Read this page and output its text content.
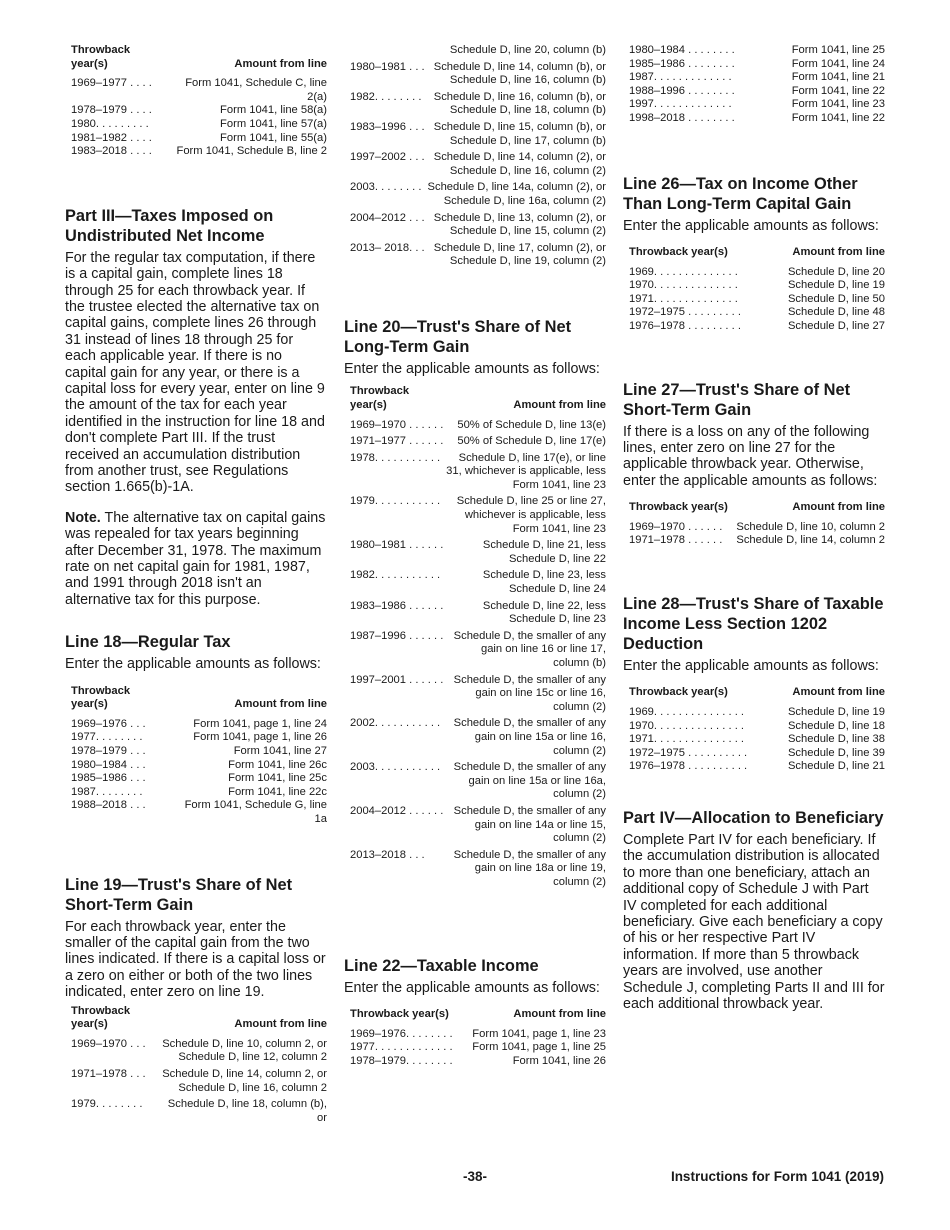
Throwback year(s)	Amount from line
1969–1977 . . . .	Form 1041, Schedule C, line 2(a)
1978–1979 . . . .	Form 1041, line 58(a)
1980. . . . . . . . .	Form 1041, line 57(a)
1981–1982 . . . .	Form 1041, line 55(a)
1983–2018 . . . .	Form 1041, Schedule B, line 2
Part III—Taxes Imposed on Undistributed Net Income

For the regular tax computation, if there is a capital gain, complete lines 18 through 25 for each throwback year. If the trustee elected the alternative tax on capital gains, complete lines 26 through 31 instead of lines 18 through 25 for each applicable year. If there is no capital gain for any year, or there is a capital loss for every year, enter on line 9 the amount of the tax for each year identified in the instruction for line 18 and don't complete Part III. If the trust received an accumulation distribution from another trust, see Regulations section 1.665(b)-1A.

Note. The alternative tax on capital gains was repealed for tax years beginning after December 31, 1978. The maximum rate on net capital gain for 1981, 1987, and 1991 through 2018 isn't an alternative tax for this purpose.

Line 18—Regular Tax

Enter the applicable amounts as follows:

Throwback year(s)	Amount from line
1969–1976 . . .	Form 1041, page 1, line 24
1977. . . . . . . .	Form 1041, page 1, line 26
1978–1979 . . .	Form 1041, line 27
1980–1984 . . .	Form 1041, line 26c
1985–1986 . . .	Form 1041, line 25c
1987. . . . . . . .	Form 1041, line 22c
1988–2018 . . .	Form 1041, Schedule G, line 1a
Line 19—Trust's Share of Net Short-Term Gain

For each throwback year, enter the smaller of the capital gain from the two lines indicated. If there is a capital loss or a zero on either or both of the two lines indicated, enter zero on line 19.

Throwback year(s)	Amount from line
1969–1970 . . .	Schedule D, line 10, column 2, or Schedule D, line 12, column 2
1971–1978 . . .	Schedule D, line 14, column 2, or Schedule D, line 16, column 2
1979. . . . . . . .	Schedule D, line 18, column (b), or
	Schedule D, line 20, column (b)
1980–1981 . . .	Schedule D, line 14, column (b), or Schedule D, line 16, column (b)
1982. . . . . . . .	Schedule D, line 16, column (b), or Schedule D, line 18, column (b)
1983–1996 . . .	Schedule D, line 15, column (b), or Schedule D, line 17, column (b)
1997–2002 . . .	Schedule D, line 14, column (2), or Schedule D, line 16, column (2)
2003. . . . . . . .	Schedule D, line 14a, column (2), or Schedule D, line 16a, column (2)
2004–2012 . . .	Schedule D, line 13, column (2), or Schedule D, line 15, column (2)
2013– 2018. . .	Schedule D, line 17, column (2), or Schedule D, line 19, column (2)
Line 20—Trust's Share of Net Long-Term Gain

Enter the applicable amounts as follows:

Throwback year(s)	Amount from line
1969–1970 . . . . . .	50% of Schedule D, line 13(e)
1971–1977 . . . . . .	50% of Schedule D, line 17(e)
1978. . . . . . . . . . .	Schedule D, line 17(e), or line 31, whichever is applicable, less Form 1041, line 23
1979. . . . . . . . . . .	Schedule D, line 25 or line 27, whichever is applicable, less Form 1041, line 23
1980–1981 . . . . . .	Schedule D, line 21, less Schedule D, line 22
1982. . . . . . . . . . .	Schedule D, line 23, less Schedule D, line 24
1983–1986 . . . . . .	Schedule D, line 22, less Schedule D, line 23
1987–1996 . . . . . .	Schedule D, the smaller of any gain on line 16 or line 17, column (b)
1997–2001 . . . . . .	Schedule D, the smaller of any gain on line 15c or line 16, column (2)
2002. . . . . . . . . . .	Schedule D, the smaller of any gain on line 15a or line 16, column (2)
2003. . . . . . . . . . .	Schedule D, the smaller of any gain on line 15a or line 16a, column (2)
2004–2012 . . . . . .	Schedule D, the smaller of any gain on line 14a or line 15, column (2)
2013–2018 . . .	Schedule D, the smaller of any gain on line 18a or line 19, column (2)
Line 22—Taxable Income

Enter the applicable amounts as follows:

Throwback year(s)	Amount from line
1969–1976. . . . . . . .	Form 1041, page 1, line 23
1977. . . . . . . . . . . . .	Form 1041, page 1, line 25
1978–1979. . . . . . . .	Form 1041, line 26
1980–1984 . . . . . . . .	Form 1041, line 25
1985–1986 . . . . . . . .	Form 1041, line 24
1987. . . . . . . . . . . . .	Form 1041, line 21
1988–1996 . . . . . . . .	Form 1041, line 22
1997. . . . . . . . . . . . .	Form 1041, line 23
1998–2018 . . . . . . . .	Form 1041, line 22
Line 26—Tax on Income Other Than Long-Term Capital Gain

Enter the applicable amounts as follows:

Throwback year(s)	Amount from line
1969. . . . . . . . . . . . . .	Schedule D, line 20
1970. . . . . . . . . . . . . .	Schedule D, line 19
1971. . . . . . . . . . . . . .	Schedule D, line 50
1972–1975 . . . . . . . . .	Schedule D, line 48
1976–1978 . . . . . . . . .	Schedule D, line 27
Line 27—Trust's Share of Net Short-Term Gain

If there is a loss on any of the following lines, enter zero on line 27 for the applicable throwback year. Otherwise, enter the applicable amounts as follows:

Throwback year(s)	Amount from line
1969–1970 . . . . . .	Schedule D, line 10, column 2
1971–1978 . . . . . .	Schedule D, line 14, column 2
Line 28—Trust's Share of Taxable Income Less Section 1202 Deduction

Enter the applicable amounts as follows:

Throwback year(s)	Amount from line
1969. . . . . . . . . . . . . . .	Schedule D, line 19
1970. . . . . . . . . . . . . . .	Schedule D, line 18
1971. . . . . . . . . . . . . . .	Schedule D, line 38
1972–1975 . . . . . . . . . .	Schedule D, line 39
1976–1978 . . . . . . . . . .	Schedule D, line 21
Part IV—Allocation to Beneficiary

Complete Part IV for each beneficiary. If the accumulation distribution is allocated to more than one beneficiary, attach an additional copy of Schedule J with Part IV completed for each additional beneficiary. Give each beneficiary a copy of his or her respective Part IV information. If more than 5 throwback years are involved, use another Schedule J, completing Parts II and III for each additional throwback year.

-38-	Instructions for Form 1041 (2019)
